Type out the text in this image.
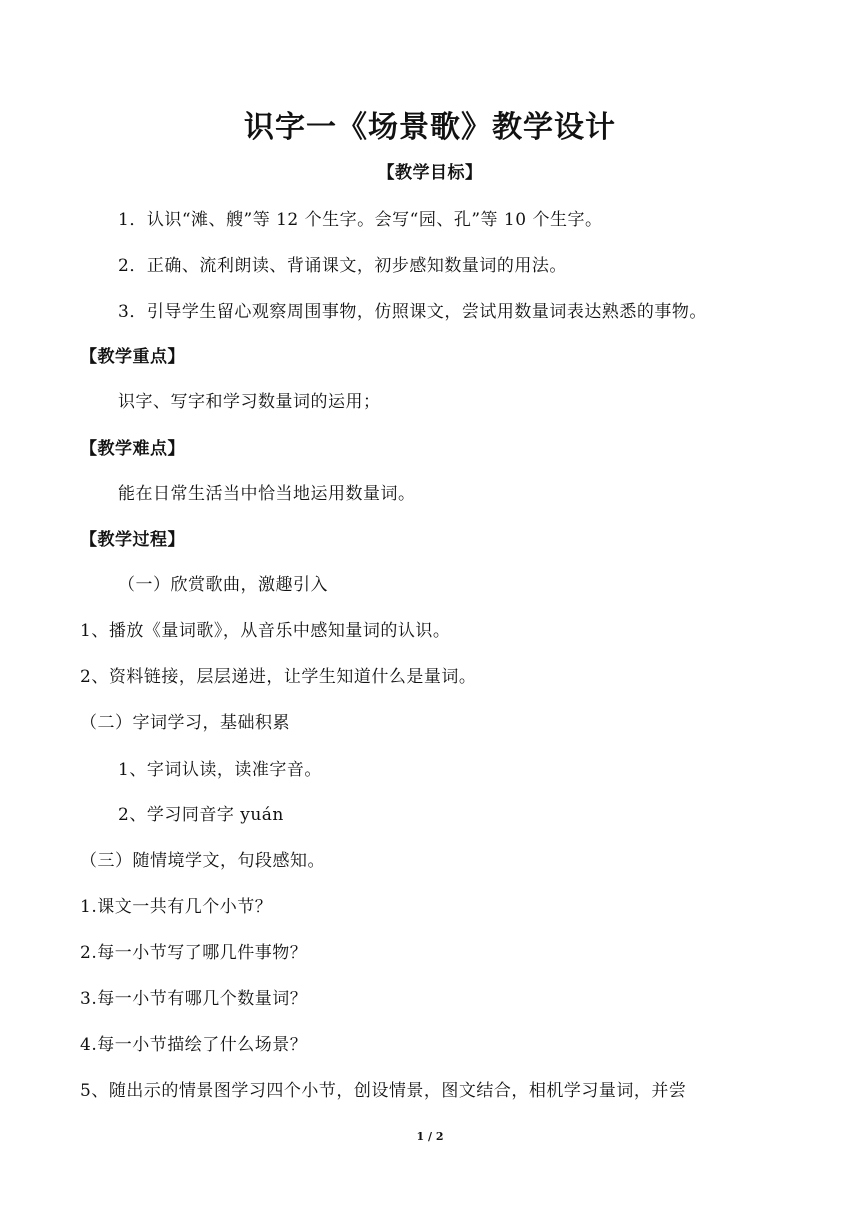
识字一《场景歌》教学设计
【教学目标】
1．认识“滩、艘”等 12 个生字。会写“园、孔”等 10 个生字。
2．正确、流利朗读、背诵课文，初步感知数量词的用法。
3．引导学生留心观察周围事物，仿照课文，尝试用数量词表达熟悉的事物。
【教学重点】
识字、写字和学习数量词的运用；
【教学难点】
能在日常生活当中恰当地运用数量词。
【教学过程】
（一）欣赏歌曲，激趣引入
1、播放《量词歌》，从音乐中感知量词的认识。
2、资料链接，层层递进，让学生知道什么是量词。
（二）字词学习，基础积累
1、字词认读，读准字音。
2、学习同音字 yuán
（三）随情境学文，句段感知。
1.课文一共有几个小节？
2.每一小节写了哪几件事物？
3.每一小节有哪几个数量词？
4.每一小节描绘了什么场景？
5、随出示的情景图学习四个小节，创设情景，图文结合，相机学习量词，并尝
1 / 2
